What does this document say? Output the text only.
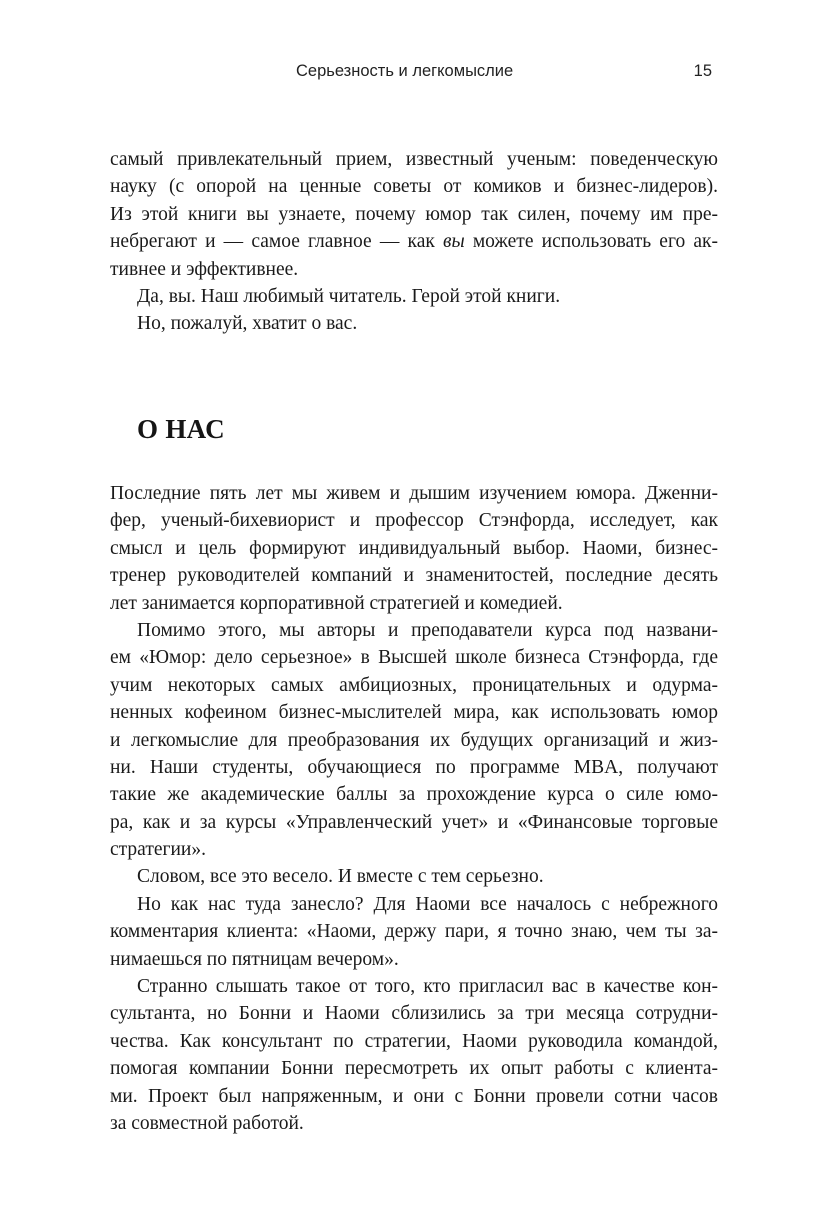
Серьезность и легкомыслие	15
самый привлекательный прием, известный ученым: поведенческую
науку (с опорой на ценные советы от комиков и бизнес-лидеров).
Из этой книги вы узнаете, почему юмор так силен, почему им пре-
небрегают и — самое главное — как вы можете использовать его ак-
тивнее и эффективнее.
Да, вы. Наш любимый читатель. Герой этой книги.
Но, пожалуй, хватит о вас.
О НАС
Последние пять лет мы живем и дышим изучением юмора. Дженни-
фер, ученый-бихевиорист и профессор Стэнфорда, исследует, как
смысл и цель формируют индивидуальный выбор. Наоми, бизнес-
тренер руководителей компаний и знаменитостей, последние десять
лет занимается корпоративной стратегией и комедией.
Помимо этого, мы авторы и преподаватели курса под названи-
ем «Юмор: дело серьезное» в Высшей школе бизнеса Стэнфорда, где
учим некоторых самых амбициозных, проницательных и одурма-
ненных кофеином бизнес-мыслителей мира, как использовать юмор
и легкомыслие для преобразования их будущих организаций и жиз-
ни. Наши студенты, обучающиеся по программе MBA, получают
такие же академические баллы за прохождение курса о силе юмо-
ра, как и за курсы «Управленческий учет» и «Финансовые торговые
стратегии».
Словом, все это весело. И вместе с тем серьезно.
Но как нас туда занесло? Для Наоми все началось с небрежного
комментария клиента: «Наоми, держу пари, я точно знаю, чем ты за-
нимаешься по пятницам вечером».
Странно слышать такое от того, кто пригласил вас в качестве кон-
сультанта, но Бонни и Наоми сблизились за три месяца сотрудни-
чества. Как консультант по стратегии, Наоми руководила командой,
помогая компании Бонни пересмотреть их опыт работы с клиента-
ми. Проект был напряженным, и они с Бонни провели сотни часов
за совместной работой.
